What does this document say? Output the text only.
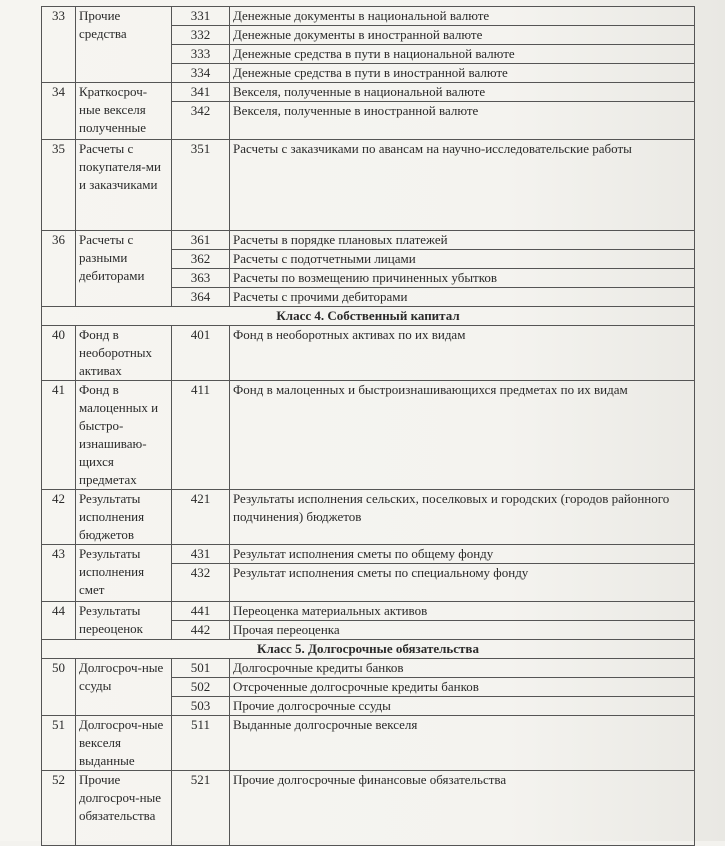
33	Прочие средства	331	Денежные документы в национальной валюте
		332	Денежные документы в иностранной валюте
		333	Денежные средства в пути в национальной валюте
		334	Денежные средства в пути в иностранной валюте
34	Краткосроч-ные векселя полученные	341	Векселя, полученные в национальной валюте
		342	Векселя, полученные в иностранной валюте
35	Расчеты с покупателя-ми и заказчиками	351	Расчеты с заказчиками по авансам на научно-исследовательские работы
36	Расчеты с разными дебиторами	361	Расчеты в порядке плановых платежей
		362	Расчеты с подотчетными лицами
		363	Расчеты по возмещению причиненных убытков
		364	Расчеты с прочими дебиторами
Класс 4. Собственный капитал			
40	Фонд в необоротных активах	401	Фонд в необоротных активах по их видам
41	Фонд в малоценных и быстро-изнашиваю-щихся предметах	411	Фонд в малоценных и быстроизнашивающихся предметах по их видам
42	Результаты исполнения бюджетов	421	Результаты исполнения сельских, поселковых и городских (городов районного подчинения) бюджетов
43	Результаты исполнения смет	431	Результат исполнения сметы по общему фонду
		432	Результат исполнения сметы по специальному фонду
44	Результаты переоценок	441	Переоценка материальных активов
		442	Прочая переоценка
Класс 5. Долгосрочные обязательства			
50	Долгосроч-ные ссуды	501	Долгосрочные кредиты банков
		502	Отсроченные долгосрочные кредиты банков
		503	Прочие долгосрочные ссуды
51	Долгосроч-ные векселя выданные	511	Выданные долгосрочные векселя
52	Прочие долгосроч-ные обязательства	521	Прочие долгосрочные финансовые обязательства
